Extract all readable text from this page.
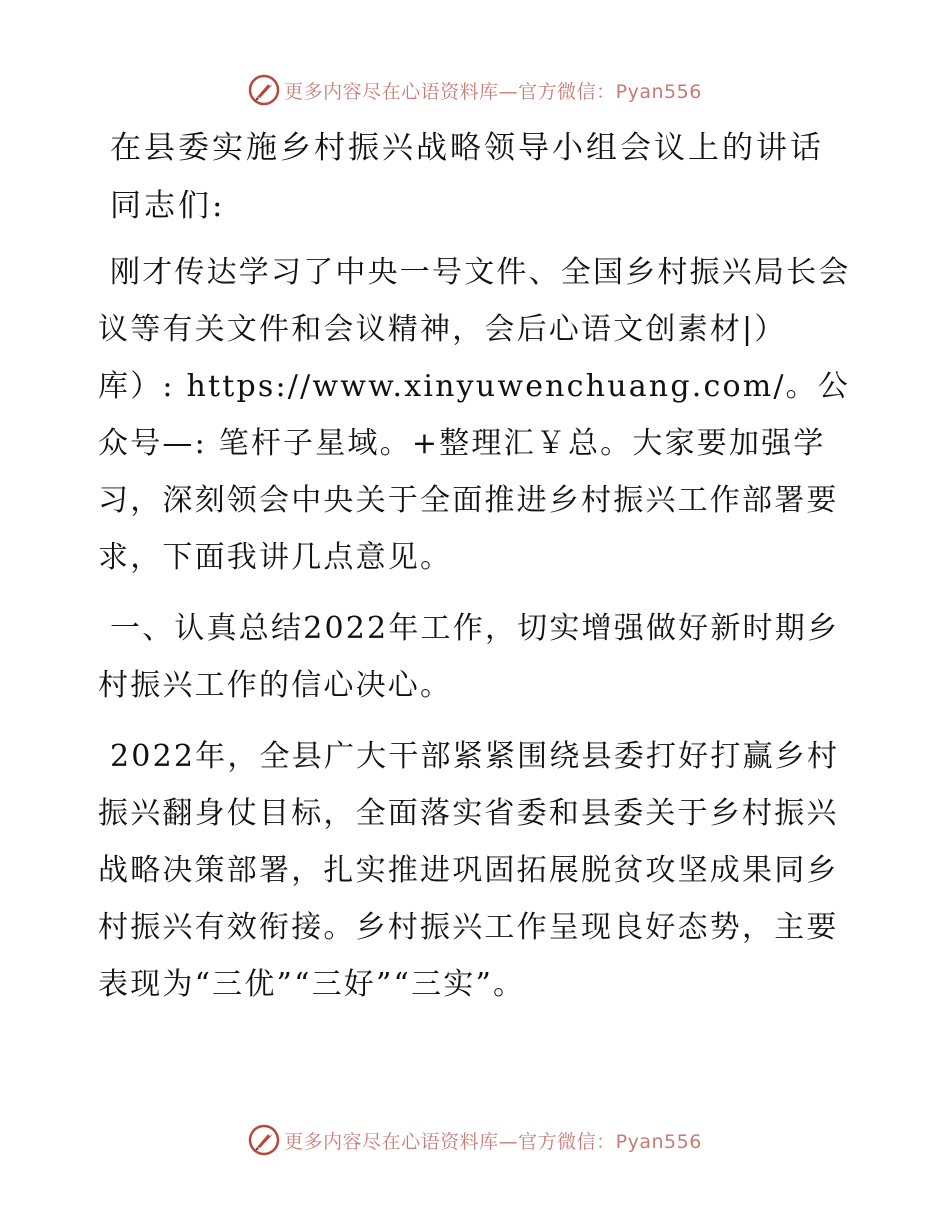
更多内容尽在心语资料库—官方微信：Pyan556
在县委实施乡村振兴战略领导小组会议上的讲话
同志们:

刚才传达学习了中央一号文件、全国乡村振兴局长会议等有关文件和会议精神，会后心语文创素材|）库）: https://www.xinyuwenchuang.com/。公众号—: 笔杆子星域。+整理汇￥总。大家要加强学习，深刻领会中央关于全面推进乡村振兴工作部署要求，下面我讲几点意见。

一、认真总结2022年工作，切实增强做好新时期乡村振兴工作的信心决心。

2022年，全县广大干部紧紧围绕县委打好打赢乡村振兴翻身仗目标，全面落实省委和县委关于乡村振兴战略决策部署，扎实推进巩固拓展脱贫攻坚成果同乡村振兴有效衔接。乡村振兴工作呈现良好态势，主要表现为“三优”“三好”“三实”。

更多内容尽在心语资料库—官方微信：Pyan556
